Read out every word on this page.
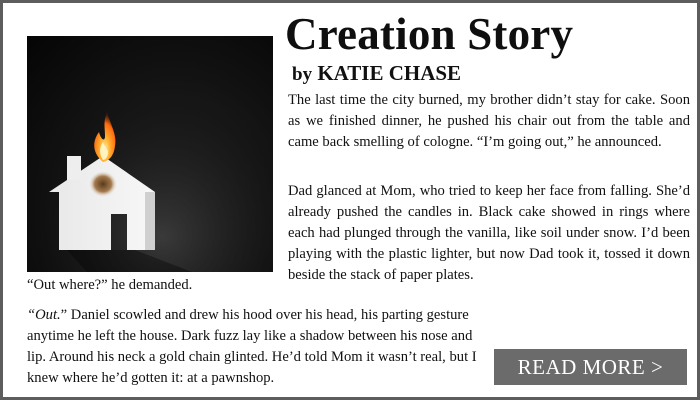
Creation Story
by KATIE CHASE

The last time the city burned, my brother didn’t stay for cake. Soon as we finished dinner, he pushed his chair out from the table and came back smelling of cologne. “I’m going out,” he announced.

Dad glanced at Mom, who tried to keep her face from falling. She’d already pushed the candles in. Black cake showed in rings where each had plunged through the vanilla, like soil under snow. I’d been playing with the plastic lighter, but now Dad took it, tossed it down beside the stack of paper plates.

“Out where?” he demanded.

“Out.” Daniel scowled and drew his hood over his head, his parting gesture anytime he left the house. Dark fuzz lay like a shadow between his nose and lip. Around his neck a gold chain glinted. He’d told Mom it wasn’t real, but I knew where he’d gotten it: at a pawnshop.	READ MORE >
